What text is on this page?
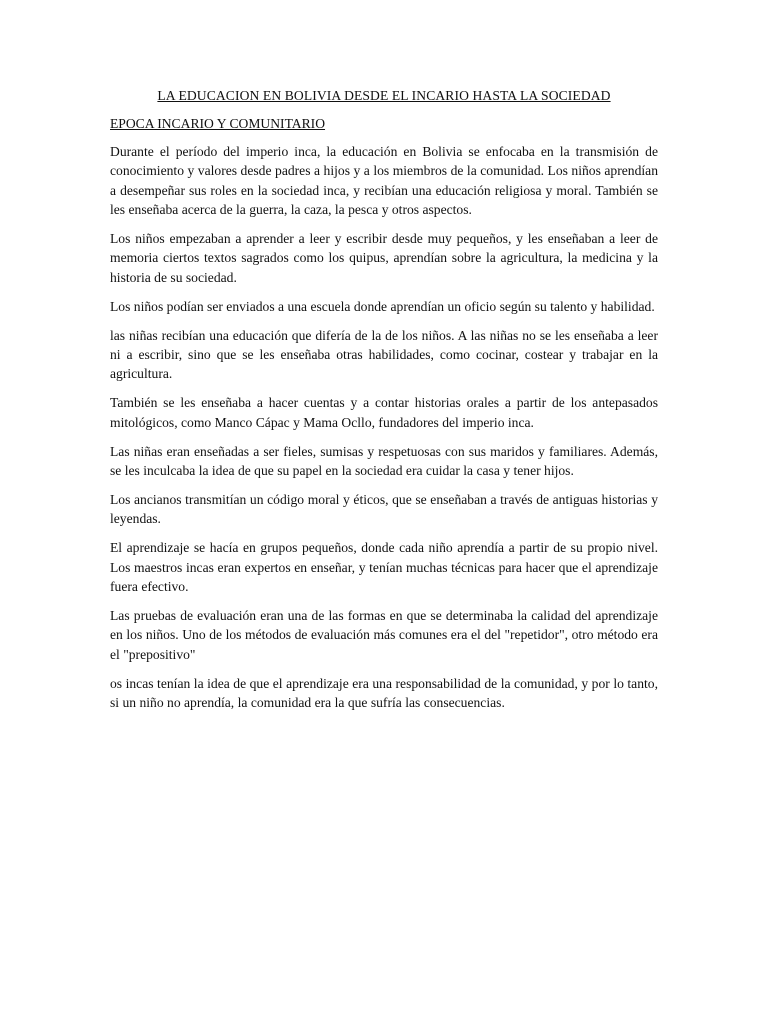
LA EDUCACION EN BOLIVIA DESDE EL INCARIO HASTA LA SOCIEDAD
EPOCA INCARIO Y COMUNITARIO

Durante el período del imperio inca, la educación en Bolivia se enfocaba en la transmisión de conocimiento y valores desde padres a hijos y a los miembros de la comunidad. Los niños aprendían a desempeñar sus roles en la sociedad inca, y recibían una educación religiosa y moral. También se les enseñaba acerca de la guerra, la caza, la pesca y otros aspectos.

Los niños empezaban a aprender a leer y escribir desde muy pequeños, y les enseñaban a leer de memoria ciertos textos sagrados como los quipus, aprendían sobre la agricultura, la medicina y la historia de su sociedad.

Los niños podían ser enviados a una escuela donde aprendían un oficio según su talento y habilidad.

las niñas recibían una educación que difería de la de los niños. A las niñas no se les enseñaba a leer ni a escribir, sino que se les enseñaba otras habilidades, como cocinar, costear y trabajar en la agricultura.

También se les enseñaba a hacer cuentas y a contar historias orales a partir de los antepasados mitológicos, como Manco Cápac y Mama Ocllo, fundadores del imperio inca.

Las niñas eran enseñadas a ser fieles, sumisas y respetuosas con sus maridos y familiares. Además, se les inculcaba la idea de que su papel en la sociedad era cuidar la casa y tener hijos.

Los ancianos transmitían un código moral y éticos, que se enseñaban a través de antiguas historias y leyendas.

El aprendizaje se hacía en grupos pequeños, donde cada niño aprendía a partir de su propio nivel. Los maestros incas eran expertos en enseñar, y tenían muchas técnicas para hacer que el aprendizaje fuera efectivo.

Las pruebas de evaluación eran una de las formas en que se determinaba la calidad del aprendizaje en los niños. Uno de los métodos de evaluación más comunes era el del "repetidor", otro método era el "prepositivo"

os incas tenían la idea de que el aprendizaje era una responsabilidad de la comunidad, y por lo tanto, si un niño no aprendía, la comunidad era la que sufría las consecuencias.
